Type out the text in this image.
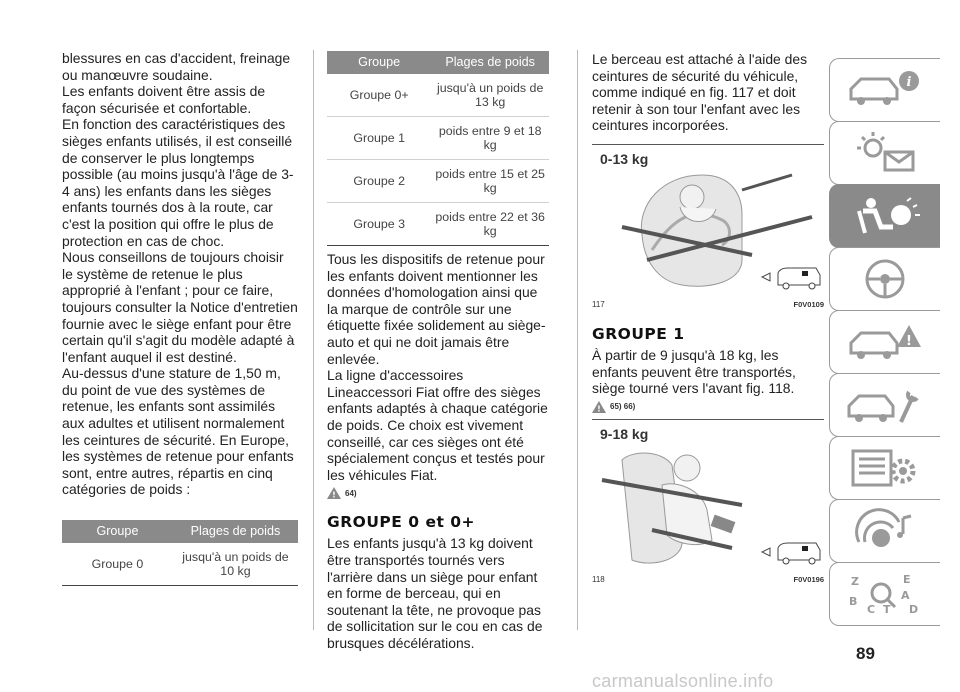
blessures en cas d'accident, freinage ou manœuvre soudaine.

Les enfants doivent être assis de façon sécurisée et confortable.

En fonction des caractéristiques des sièges enfants utilisés, il est conseillé de conserver le plus longtemps possible (au moins jusqu'à l'âge de 3-4 ans) les enfants dans les sièges enfants tournés dos à la route, car c'est la position qui offre le plus de protection en cas de choc.

Nous conseillons de toujours choisir le système de retenue le plus approprié à l'enfant ; pour ce faire, toujours consulter la Notice d'entretien fournie avec le siège enfant pour être certain qu'il s'agit du modèle adapté à l'enfant auquel il est destiné.

Au-dessus d'une stature de 1,50 m, du point de vue des systèmes de retenue, les enfants sont assimilés aux adultes et utilisent normalement les ceintures de sécurité. En Europe, les systèmes de retenue pour enfants sont, entre autres, répartis en cinq catégories de poids :

Groupe	Plages de poids
Groupe 0	jusqu'à un poids de 10 kg
Groupe	Plages de poids
Groupe 0+	jusqu'à un poids de 13 kg
Groupe 1	poids entre 9 et 18 kg
Groupe 2	poids entre 15 et 25 kg
Groupe 3	poids entre 22 et 36 kg

Tous les dispositifs de retenue pour les enfants doivent mentionner les données d'homologation ainsi que la marque de contrôle sur une étiquette fixée solidement au siège-auto et qui ne doit jamais être enlevée.

La ligne d'accessoires Lineaccessori Fiat offre des sièges enfants adaptés à chaque catégorie de poids. Ce choix est vivement conseillé, car ces sièges ont été spécialement conçus et testés pour les véhicules Fiat.

! 64)
GROUPE 0 et 0+

Les enfants jusqu'à 13 kg doivent être transportés tournés vers l'arrière dans un siège pour enfant en forme de berceau, qui en soutenant la tête, ne provoque pas de sollicitation sur le cou en cas de brusques décélérations.

Le berceau est attaché à l'aide des ceintures de sécurité du véhicule, comme indiqué en fig. 117 et doit retenir à son tour l'enfant avec les ceintures incorporées.

0-13 kg
117	F0V0109
GROUPE 1

À partir de 9 jusqu'à 18 kg, les enfants peuvent être transportés, siège tourné vers l'avant fig. 118.

! 65) 66)
9-18 kg
118	F0V0196
i
!
Z	E
B	A
C T D
89
carmanualsonline.info
